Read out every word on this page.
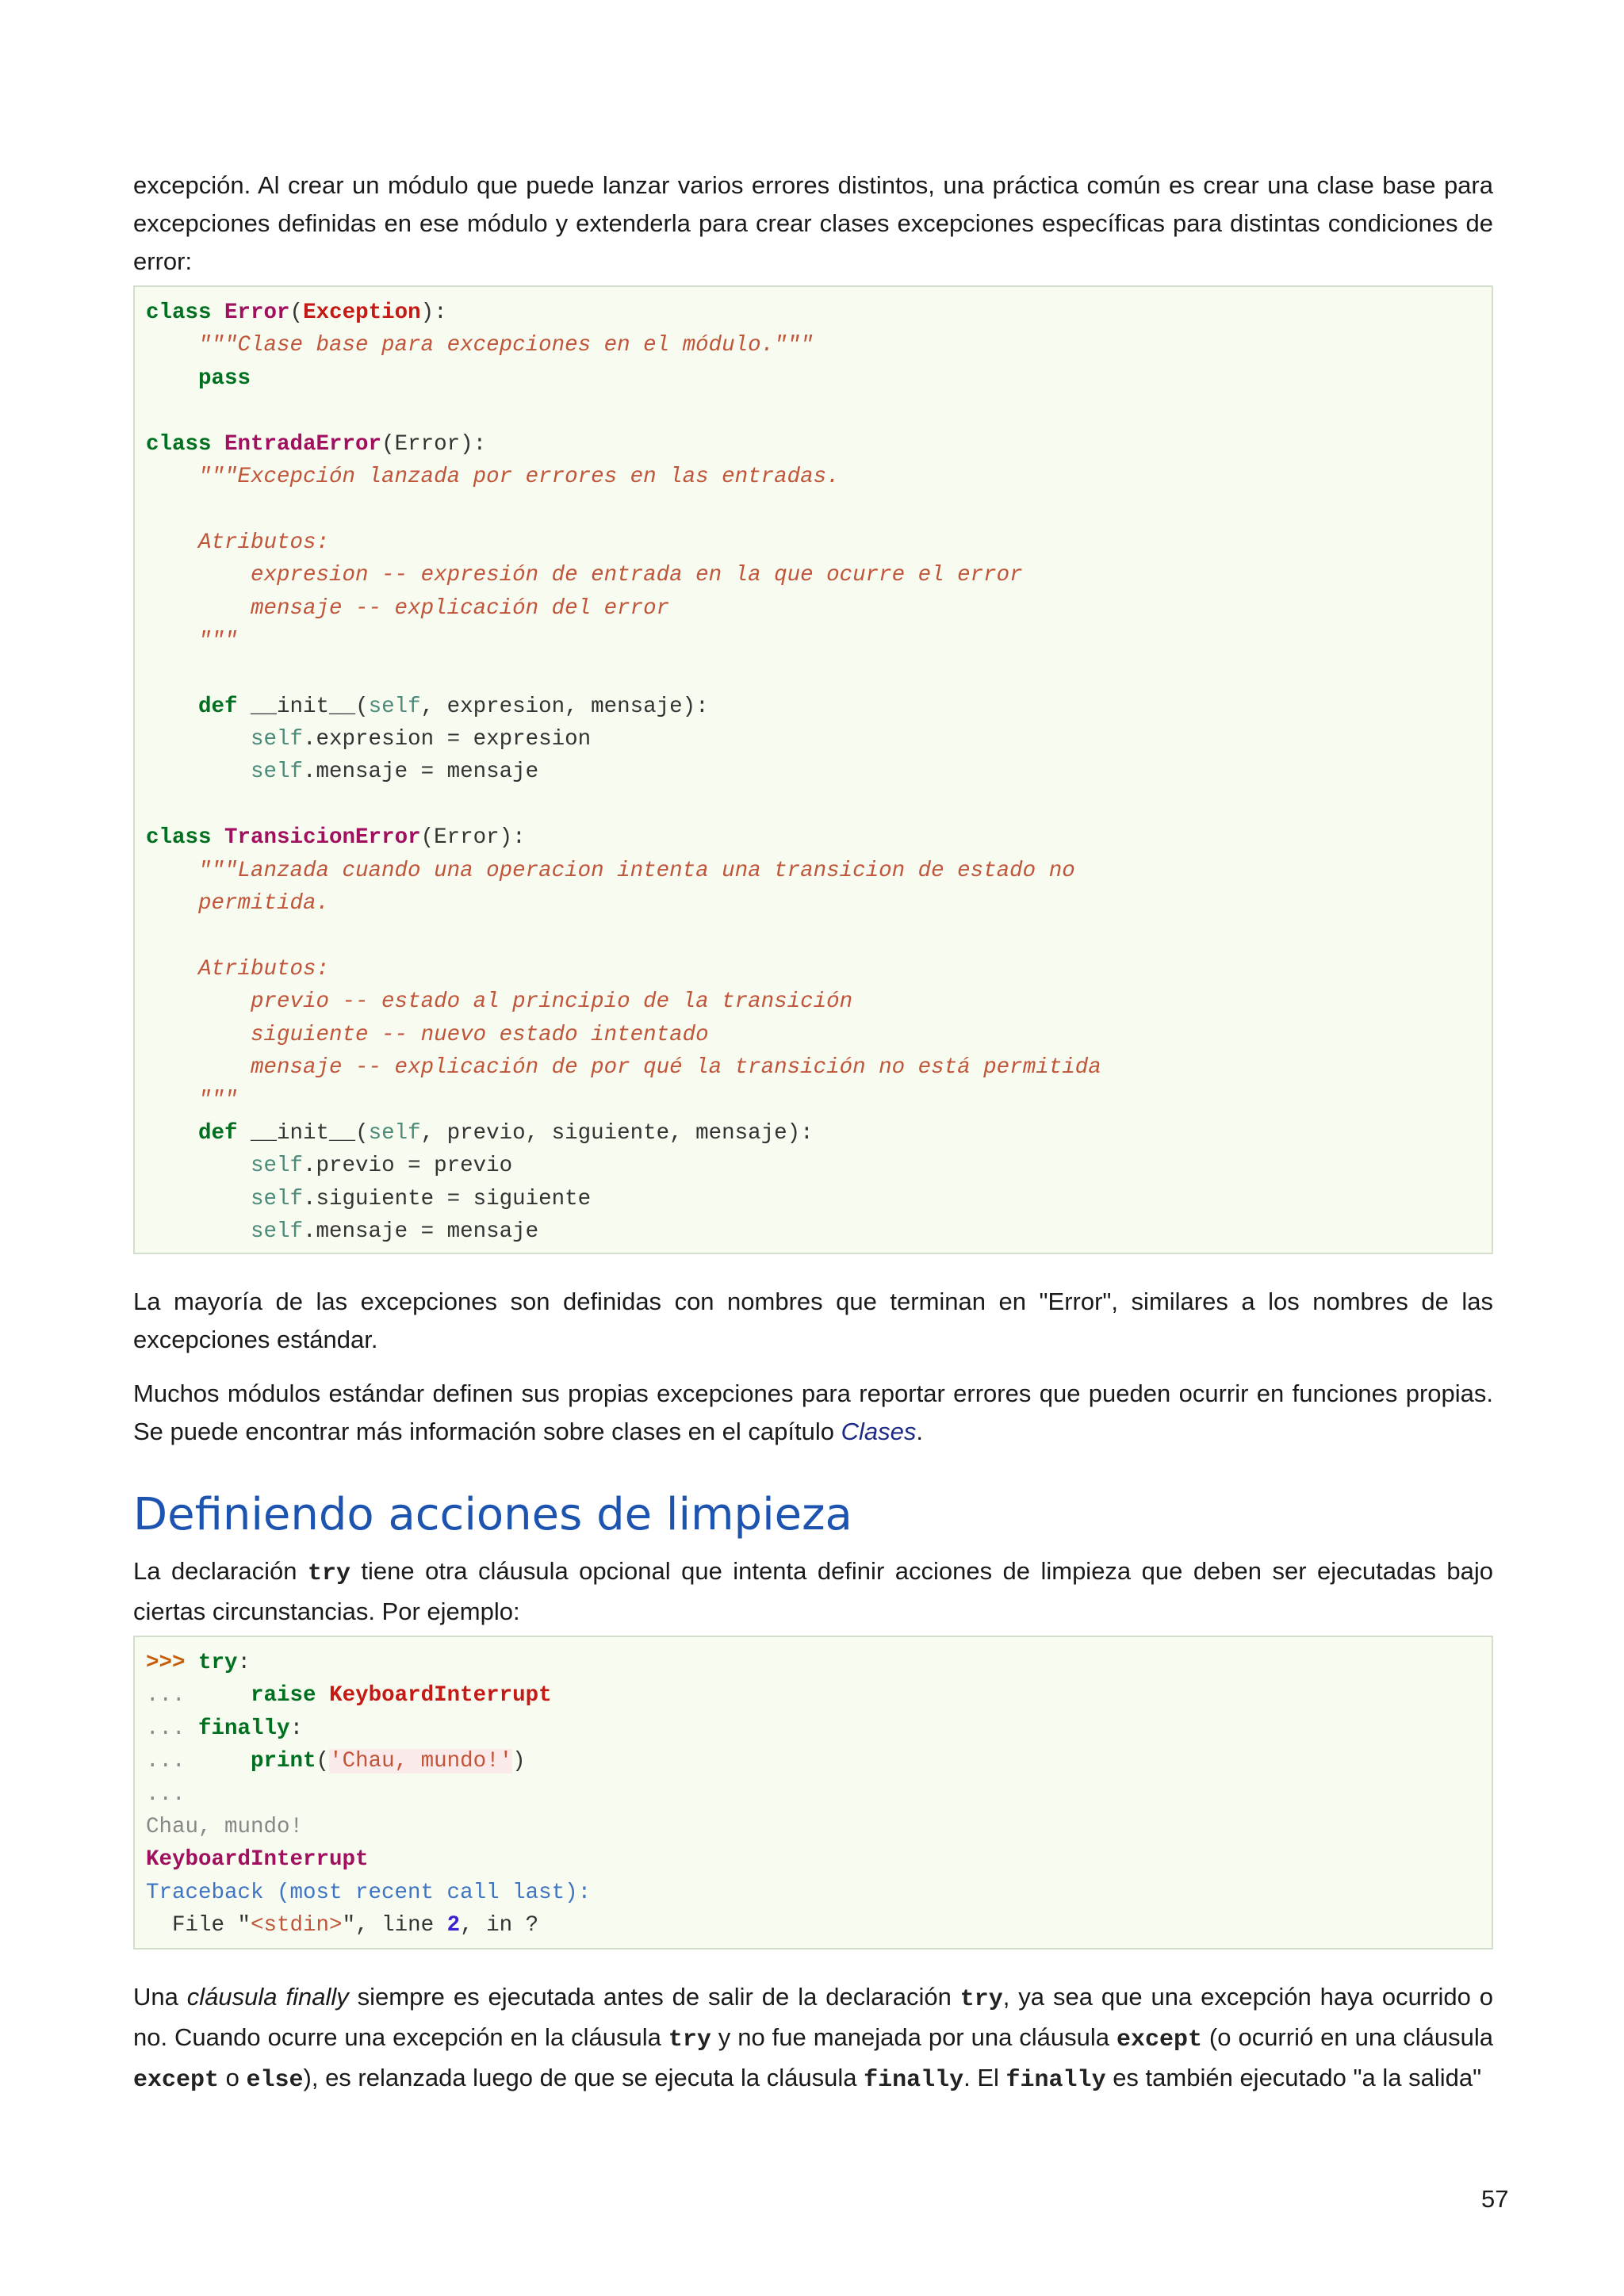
excepción. Al crear un módulo que puede lanzar varios errores distintos, una práctica común es crear una clase base para excepciones definidas en ese módulo y extenderla para crear clases excepciones específicas para distintas condiciones de error:

class Error(Exception):
"""Clase base para excepciones en el módulo."""
pass

class EntradaError(Error):
"""Excepción lanzada por errores en las entradas.

Atributos:
expresion -- expresión de entrada en la que ocurre el error
mensaje -- explicación del error
"""

def __init__(self, expresion, mensaje):
self.expresion = expresion
self.mensaje = mensaje

class TransicionError(Error):
"""Lanzada cuando una operacion intenta una transicion de estado no
permitida.

Atributos:
previo -- estado al principio de la transición
siguiente -- nuevo estado intentado
mensaje -- explicación de por qué la transición no está permitida
"""
def __init__(self, previo, siguiente, mensaje):
self.previo = previo
self.siguiente = siguiente
self.mensaje = mensaje

La mayoría de las excepciones son definidas con nombres que terminan en "Error", similares a los nombres de las excepciones estándar.

Muchos módulos estándar definen sus propias excepciones para reportar errores que pueden ocurrir en funciones propias. Se puede encontrar más información sobre clases en el capítulo Clases.

Definiendo acciones de limpieza

La declaración try tiene otra cláusula opcional que intenta definir acciones de limpieza que deben ser ejecutadas bajo ciertas circunstancias. Por ejemplo:

>>> try:
...	raise KeyboardInterrupt
... finally:
...	print('Chau, mundo!')
...
Chau, mundo!
KeyboardInterrupt
Traceback (most recent call last):
File "<stdin>", line 2, in ?

Una cláusula finally siempre es ejecutada antes de salir de la declaración try, ya sea que una excepción haya ocurrido o no. Cuando ocurre una excepción en la cláusula try y no fue manejada por una cláusula except (o ocurrió en una cláusula except o else), es relanzada luego de que se ejecuta la cláusula finally. El finally es también ejecutado "a la salida"

57
